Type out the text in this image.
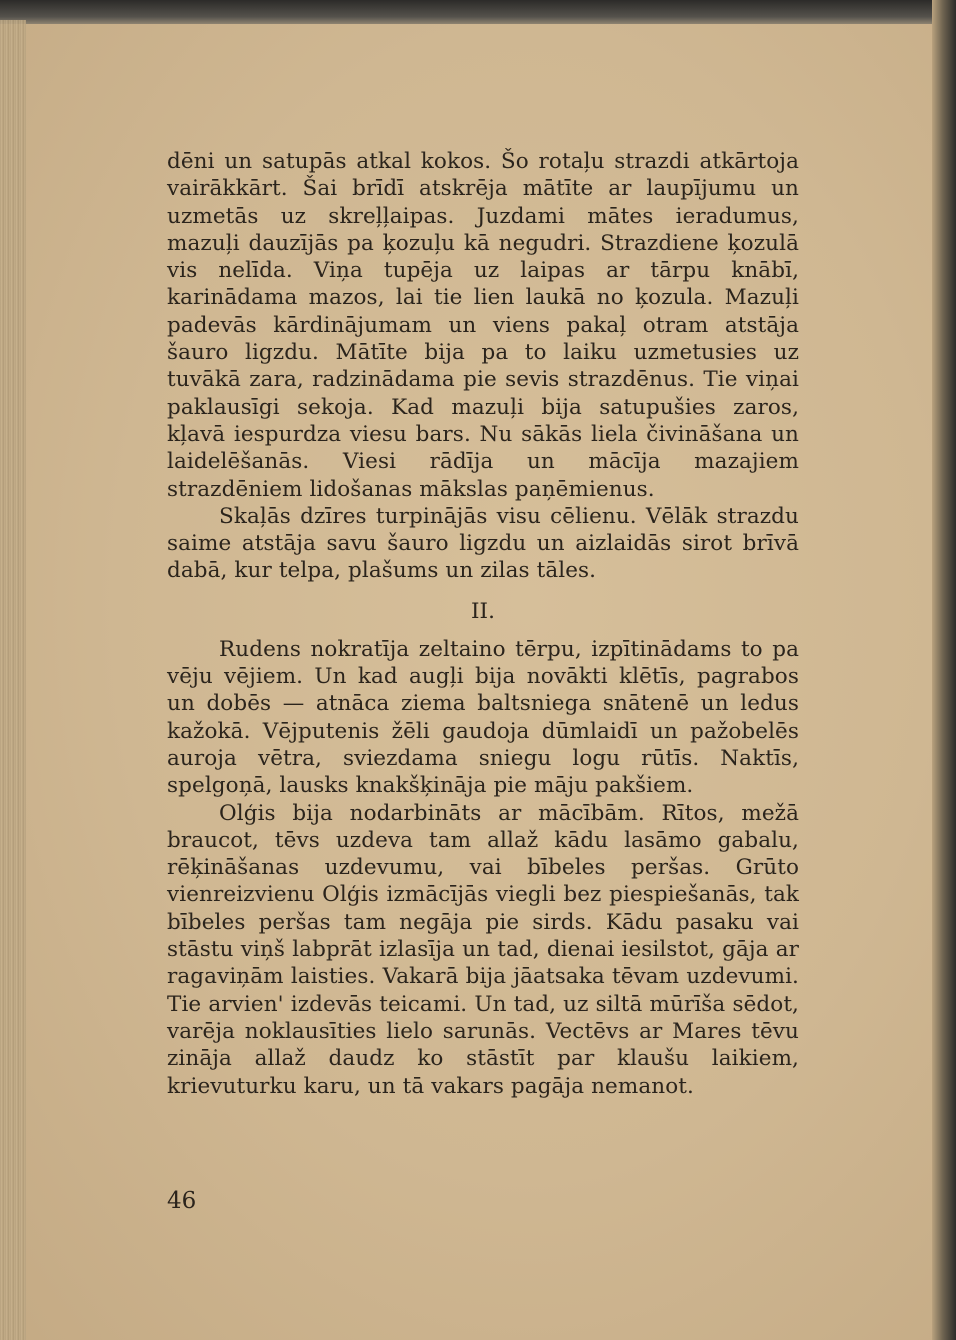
dēni un satupās atkal kokos. Šo rotaļu strazdi atkārtoja vairākkārt. Šai brīdī atskrēja mātīte ar laupījumu un uzmetās uz skreļļaipas. Juzdami mātes ieradumus, mazuļi dauzījās pa ķozuļu kā negudri. Strazdiene ķozulā vis nelīda. Viņa tupēja uz laipas ar tārpu knābī, karinādama mazos, lai tie lien laukā no ķozula. Mazuļi padevās kārdinājumam un viens pakaļ otram atstāja šauro ligzdu. Mātīte bija pa to laiku uzmetusies uz tuvākā zara, radzinādama pie sevis strazdēnus. Tie viņai paklausīgi sekoja. Kad mazuļi bija satupušies zaros, kļavā iespurdza viesu bars. Nu sākās liela čivināšana un laidelēšanās. Viesi rādīja un mācīja mazajiem strazdēniem lidošanas mākslas paņēmienus.

Skaļās dzīres turpinājās visu cēlienu. Vēlāk strazdu saime atstāja savu šauro ligzdu un aizlaidās sirot brīvā dabā, kur telpa, plašums un zilas tāles.

II.

Rudens nokratīja zeltaino tērpu, izpītinādams to pa vēju vējiem. Un kad augļi bija novākti klētīs, pagrabos un dobēs — atnāca ziema baltsniega snātenē un ledus kažokā. Vējputenis žēli gaudoja dūmlaidī un pažobelēs auroja vētra, sviezdama sniegu logu rūtīs. Naktīs, spelgoņā, lausks knakšķināja pie māju pakšiem.

Olģis bija nodarbināts ar mācībām. Rītos, mežā braucot, tēvs uzdeva tam allaž kādu lasāmo gabalu, rēķināšanas uzdevumu, vai bībeles peršas. Grūto vienreizvienu Olģis izmācījās viegli bez piespiešanās, tak bībeles peršas tam negāja pie sirds. Kādu pasaku vai stāstu viņš labprāt izlasīja un tad, dienai iesilstot, gāja ar ragaviņām laisties. Vakarā bija jāatsaka tēvam uzdevumi. Tie arvien' izdevās teicami. Un tad, uz siltā mūrīša sēdot, varēja noklausīties lielo sarunās. Vectēvs ar Mares tēvu zināja allaž daudz ko stāstīt par klaušu laikiem, krievuturku karu, un tā vakars pagāja nemanot.

46
